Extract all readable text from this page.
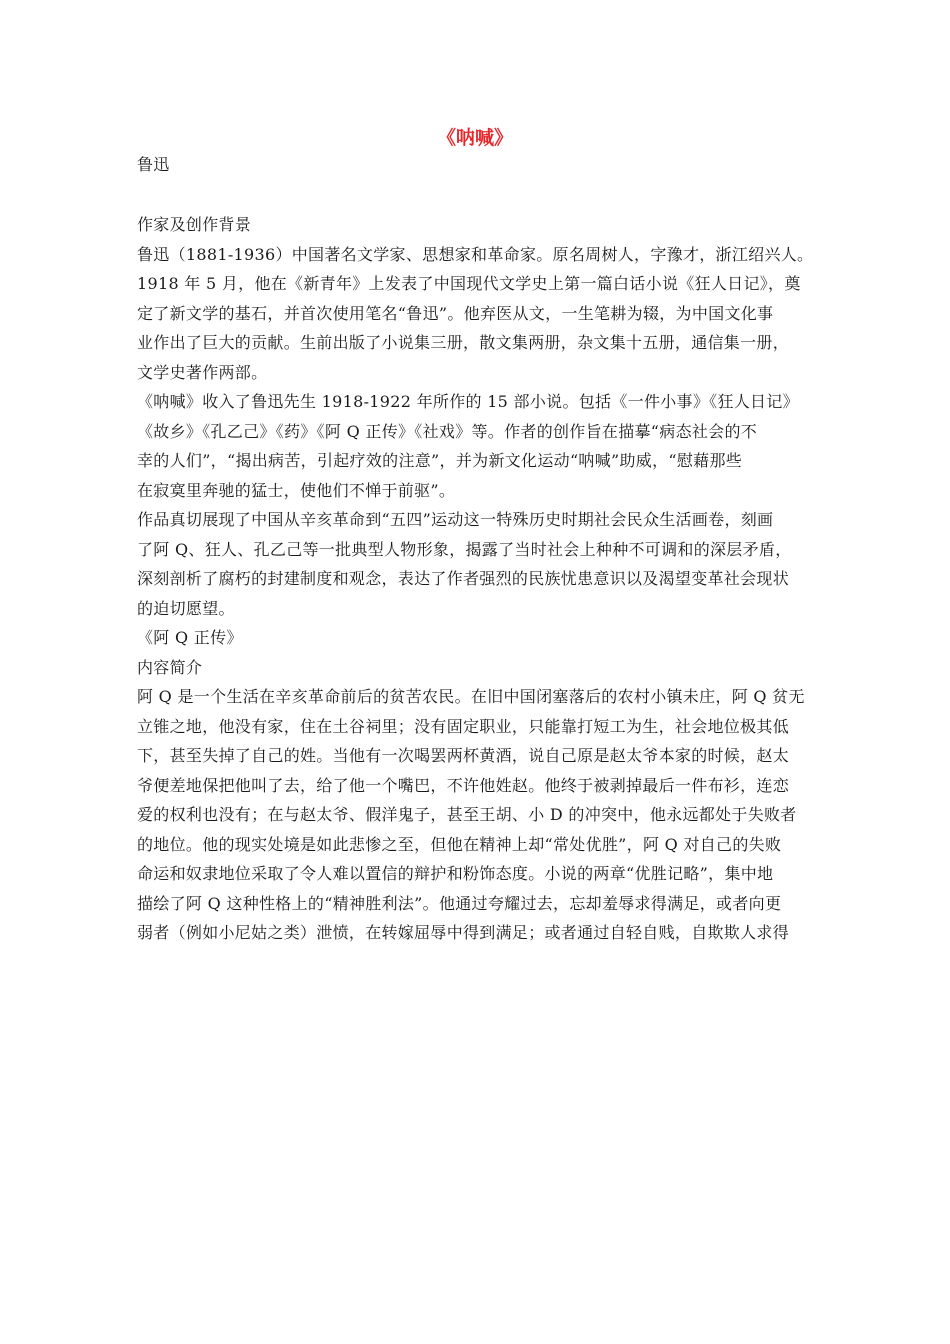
《呐喊》

鲁迅

作家及创作背景

鲁迅（1881-1936）中国著名文学家、思想家和革命家。原名周树人，字豫才，浙江绍兴人。

1918 年 5 月，他在《新青年》上发表了中国现代文学史上第一篇白话小说《狂人日记》，奠

定了新文学的基石，并首次使用笔名“鲁迅”。他弃医从文，一生笔耕为辍，为中国文化事

业作出了巨大的贡献。生前出版了小说集三册，散文集两册，杂文集十五册，通信集一册，

文学史著作两部。

《呐喊》收入了鲁迅先生 1918-1922 年所作的 15 部小说。包括《一件小事》《狂人日记》

《故乡》《孔乙己》《药》《阿 Q 正传》《社戏》等。作者的创作旨在描摹“病态社会的不

幸的人们”，“揭出病苦，引起疗效的注意”，并为新文化运动“呐喊”助威，“慰藉那些

在寂寞里奔驰的猛士，使他们不惮于前驱”。

作品真切展现了中国从辛亥革命到“五四”运动这一特殊历史时期社会民众生活画卷，刻画

了阿 Q、狂人、孔乙己等一批典型人物形象，揭露了当时社会上种种不可调和的深层矛盾，

深刻剖析了腐朽的封建制度和观念，表达了作者强烈的民族忧患意识以及渴望变革社会现状

的迫切愿望。

《阿 Q 正传》

内容简介

阿 Q 是一个生活在辛亥革命前后的贫苦农民。在旧中国闭塞落后的农村小镇未庄，阿 Q 贫无

立锥之地，他没有家，住在土谷祠里；没有固定职业，只能靠打短工为生，社会地位极其低

下，甚至失掉了自己的姓。当他有一次喝罢两杯黄酒，说自己原是赵太爷本家的时候，赵太

爷便差地保把他叫了去，给了他一个嘴巴，不许他姓赵。他终于被剥掉最后一件布衫，连恋

爱的权利也没有；在与赵太爷、假洋鬼子，甚至王胡、小 D 的冲突中，他永远都处于失败者

的地位。他的现实处境是如此悲惨之至，但他在精神上却“常处优胜”，阿 Q 对自己的失败

命运和奴隶地位采取了令人难以置信的辩护和粉饰态度。小说的两章“优胜记略”，集中地

描绘了阿 Q 这种性格上的“精神胜利法”。他通过夸耀过去，忘却羞辱求得满足，或者向更

弱者（例如小尼姑之类）泄愤，在转嫁屈辱中得到满足；或者通过自轻自贱，自欺欺人求得
